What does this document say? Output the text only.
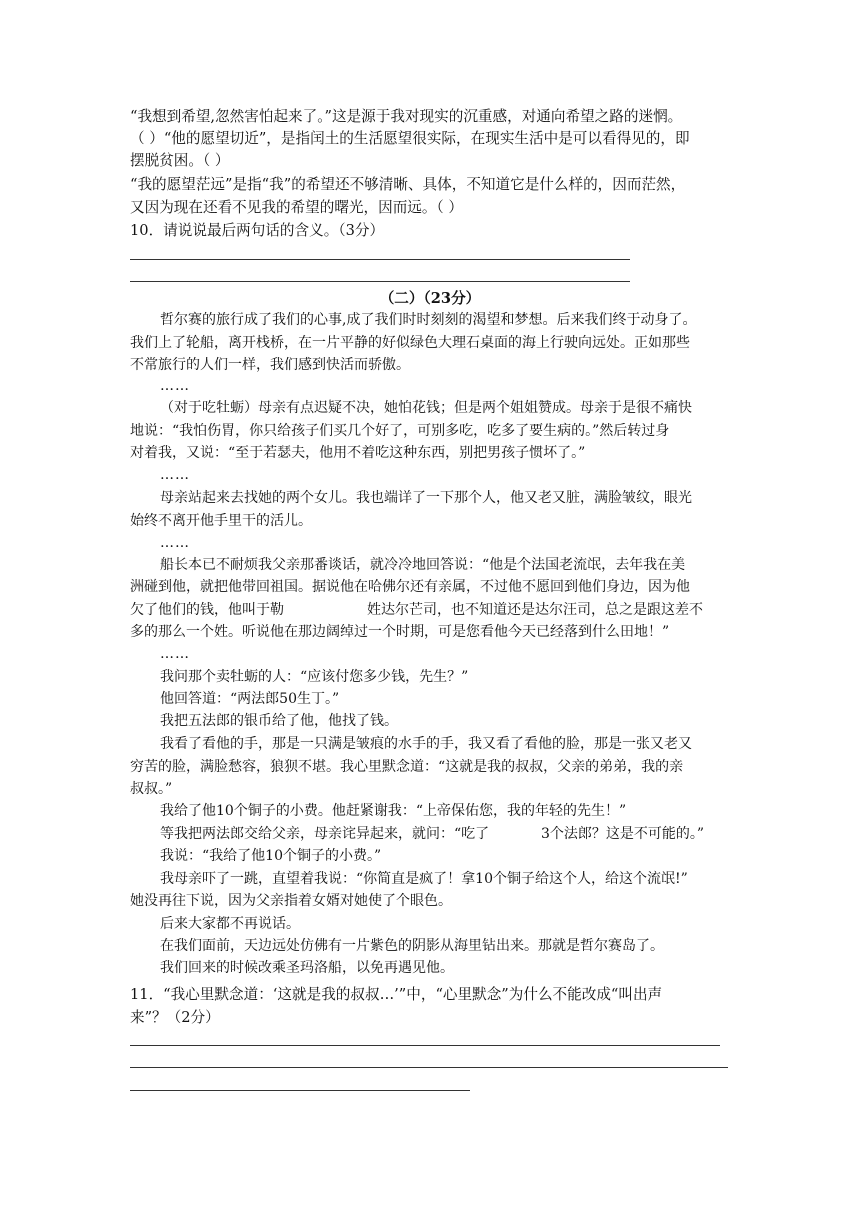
“我想到希望,忽然害怕起来了。”这是源于我对现实的沉重感，对通向希望之路的迷惘。
（ ）“他的愿望切近”，是指闰土的生活愿望很实际，在现实生活中是可以看得见的，即
摆脱贫困。（ ）
“我的愿望茫远”是指“我”的希望还不够清晰、具体，不知道它是什么样的，因而茫然，
又因为现在还看不见我的希望的曙光，因而远。（ ）
10．请说说最后两句话的含义。（3分）
（二）（23分）
哲尔赛的旅行成了我们的心事,成了我们时时刻刻的渴望和梦想。后来我们终于动身了。
我们上了轮船，离开栈桥，在一片平静的好似绿色大理石桌面的海上行驶向远处。正如那些
不常旅行的人们一样，我们感到快活而骄傲。
……
（对于吃牡蛎）母亲有点迟疑不决，她怕花钱；但是两个姐姐赞成。母亲于是很不痛快
地说：“我怕伤胃，你只给孩子们买几个好了，可别多吃，吃多了要生病的。”然后转过身
对着我，又说：“至于若瑟夫，他用不着吃这种东西，别把男孩子惯坏了。”
……
母亲站起来去找她的两个女儿。我也端详了一下那个人，他又老又脏，满脸皱纹，眼光
始终不离开他手里干的活儿。
……
船长本已不耐烦我父亲那番谈话，就冷冷地回答说：“他是个法国老流氓，去年我在美
洲碰到他，就把他带回祖国。据说他在哈佛尔还有亲属，不过他不愿回到他们身边，因为他
欠了他们的钱，他叫于勒	姓达尔芒司，也不知道还是达尔汪司，总之是跟这差不
多的那么一个姓。听说他在那边阔绰过一个时期，可是您看他今天已经落到什么田地！”
……
我问那个卖牡蛎的人：“应该付您多少钱，先生？”
他回答道：“两法郎50生丁。”
我把五法郎的银币给了他，他找了钱。
我看了看他的手，那是一只满是皱痕的水手的手，我又看了看他的脸，那是一张又老又
穷苦的脸，满脸愁容，狼狈不堪。我心里默念道：“这就是我的叔叔，父亲的弟弟，我的亲
叔叔。”
我给了他10个铜子的小费。他赶紧谢我：“上帝保佑您，我的年轻的先生！”
等我把两法郎交给父亲，母亲诧异起来，就问：“吃了	3个法郎？这是不可能的。”
我说：“我给了他10个铜子的小费。”
我母亲吓了一跳，直望着我说：“你简直是疯了！拿10个铜子给这个人，给这个流氓!”
她没再往下说，因为父亲指着女婿对她使了个眼色。
后来大家都不再说话。
在我们面前，天边远处仿佛有一片紫色的阴影从海里钻出来。那就是哲尔赛岛了。
我们回来的时候改乘圣玛洛船，以免再遇见他。
11．“我心里默念道：‘这就是我的叔叔…’”中，“心里默念”为什么不能改成“叫出声
来”？（2分）
